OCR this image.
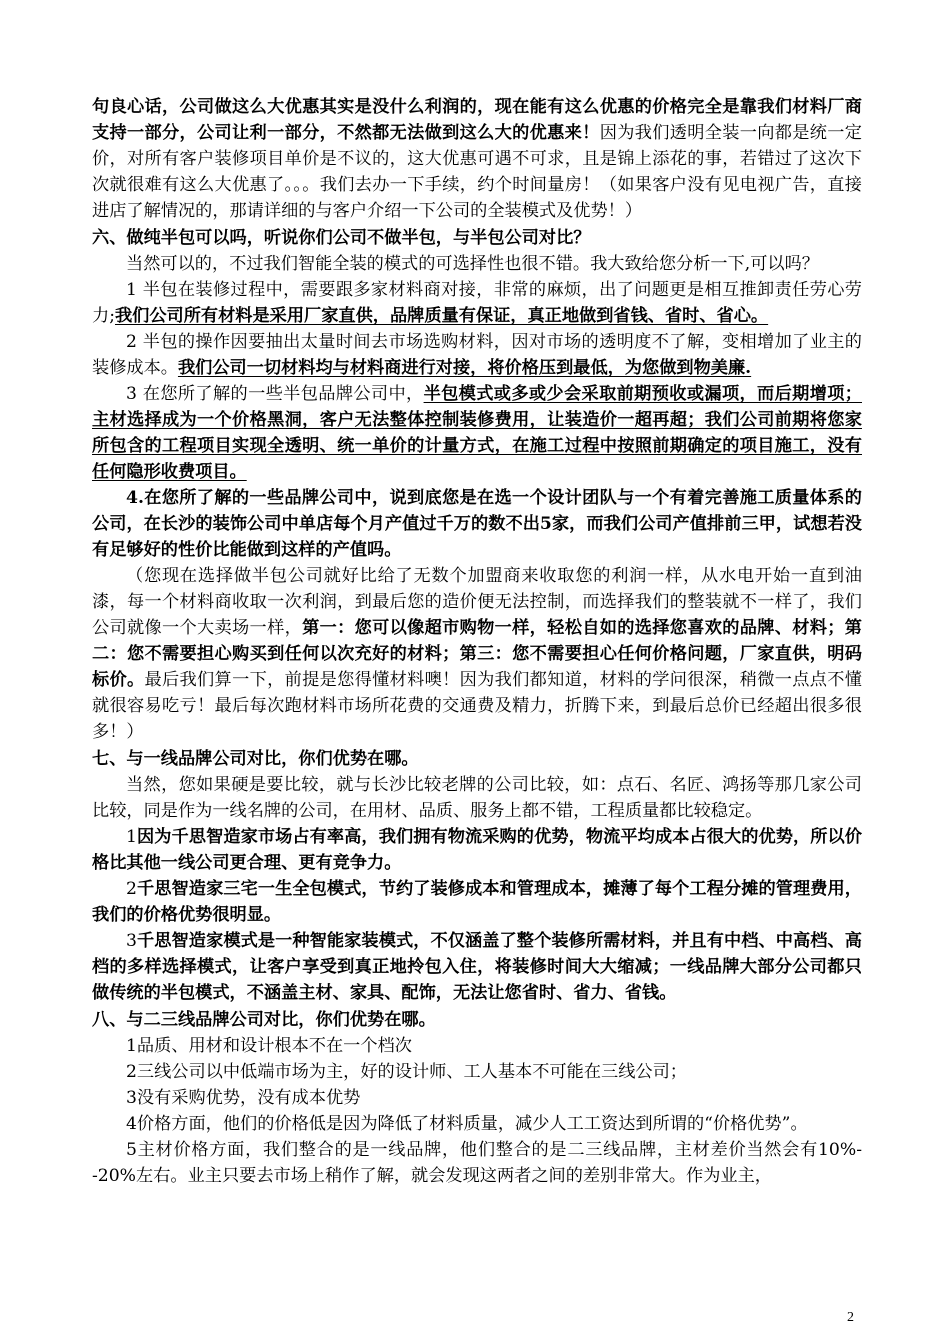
句良心话，公司做这么大优惠其实是没什么利润的，现在能有这么优惠的价格完全是靠我们材料厂商支持一部分，公司让利一部分，不然都无法做到这么大的优惠来！因为我们透明全装一向都是统一定价，对所有客户装修项目单价是不议的，这大优惠可遇不可求，且是锦上添花的事，若错过了这次下次就很难有这么大优惠了。。。我们去办一下手续，约个时间量房！（如果客户没有见电视广告，直接进店了解情况的，那请详细的与客户介绍一下公司的全装模式及优势！）

六、做纯半包可以吗，听说你们公司不做半包，与半包公司对比？

当然可以的，不过我们智能全装的模式的可选择性也很不错。我大致给您分析一下,可以吗？

1 半包在装修过程中，需要跟多家材料商对接，非常的麻烦，出了问题更是相互推卸责任劳心劳力;我们公司所有材料是采用厂家直供，品牌质量有保证，真正地做到省钱、省时、省心。

2 半包的操作因要抽出太量时间去市场选购材料，因对市场的透明度不了解，变相增加了业主的装修成本。我们公司一切材料均与材料商进行对接，将价格压到最低，为您做到物美廉.

3 在您所了解的一些半包品牌公司中，半包模式或多或少会采取前期预收或漏项，而后期增项；主材选择成为一个价格黑洞，客户无法整体控制装修费用，让装造价一超再超；我们公司前期将您家所包含的工程项目实现全透明、统一单价的计量方式，在施工过程中按照前期确定的项目施工，没有任何隐形收费项目。

4.在您所了解的一些品牌公司中，说到底您是在选一个设计团队与一个有着完善施工质量体系的公司，在长沙的装饰公司中单店每个月产值过千万的数不出5家，而我们公司产值排前三甲，试想若没有足够好的性价比能做到这样的产值吗。

（您现在选择做半包公司就好比给了无数个加盟商来收取您的利润一样，从水电开始一直到油漆，每一个材料商收取一次利润，到最后您的造价便无法控制，而选择我们的整装就不一样了，我们公司就像一个大卖场一样，第一：您可以像超市购物一样，轻松自如的选择您喜欢的品牌、材料；第二：您不需要担心购买到任何以次充好的材料；第三：您不需要担心任何价格问题，厂家直供，明码标价。最后我们算一下，前提是您得懂材料噢！因为我们都知道，材料的学问很深，稍微一点点不懂就很容易吃亏！最后每次跑材料市场所花费的交通费及精力，折腾下来，到最后总价已经超出很多很多！）

七、与一线品牌公司对比，你们优势在哪。

当然，您如果硬是要比较，就与长沙比较老牌的公司比较，如：点石、名匠、鸿扬等那几家公司比较，同是作为一线名牌的公司，在用材、品质、服务上都不错，工程质量都比较稳定。

1因为千思智造家市场占有率高，我们拥有物流采购的优势，物流平均成本占很大的优势，所以价格比其他一线公司更合理、更有竞争力。

2千思智造家三宅一生全包模式，节约了装修成本和管理成本，摊薄了每个工程分摊的管理费用，我们的价格优势很明显。

3千思智造家模式是一种智能家装模式，不仅涵盖了整个装修所需材料，并且有中档、中高档、高档的多样选择模式，让客户享受到真正地拎包入住，将装修时间大大缩减；一线品牌大部分公司都只做传统的半包模式，不涵盖主材、家具、配饰，无法让您省时、省力、省钱。

八、与二三线品牌公司对比，你们优势在哪。

1品质、用材和设计根本不在一个档次

2三线公司以中低端市场为主，好的设计师、工人基本不可能在三线公司；

3没有采购优势，没有成本优势

4价格方面，他们的价格低是因为降低了材料质量，减少人工工资达到所谓的“价格优势”。

5主材价格方面，我们整合的是一线品牌，他们整合的是二三线品牌，主材差价当然会有10%--20%左右。业主只要去市场上稍作了解，就会发现这两者之间的差别非常大。作为业主，

2
